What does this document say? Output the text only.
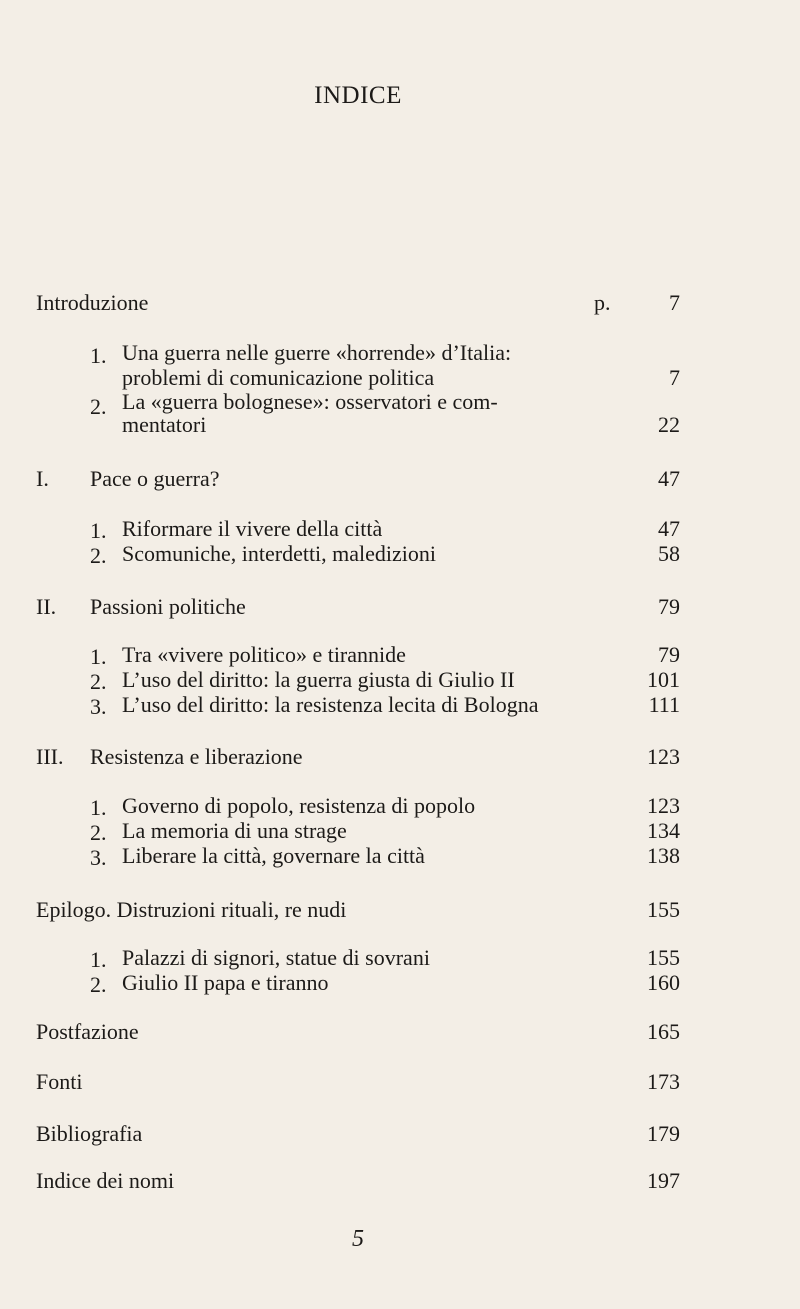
INDICE
Introduzione	p.	7
1. Una guerra nelle guerre «horrende» d’Italia:
problemi di comunicazione politica	7
2. La «guerra bolognese»: osservatori e com-
mentatori	22
I. Pace o guerra?	47
1. Riformare il vivere della città	47
2. Scomuniche, interdetti, maledizioni	58
II. Passioni politiche	79
1. Tra «vivere politico» e tirannide	79
2. L’uso del diritto: la guerra giusta di Giulio II	101
3. L’uso del diritto: la resistenza lecita di Bologna	111
III. Resistenza e liberazione	123
1. Governo di popolo, resistenza di popolo	123
2. La memoria di una strage	134
3. Liberare la città, governare la città	138
Epilogo. Distruzioni rituali, re nudi	155
1. Palazzi di signori, statue di sovrani	155
2. Giulio II papa e tiranno	160
Postfazione	165
Fonti	173
Bibliografia	179
Indice dei nomi	197
5
